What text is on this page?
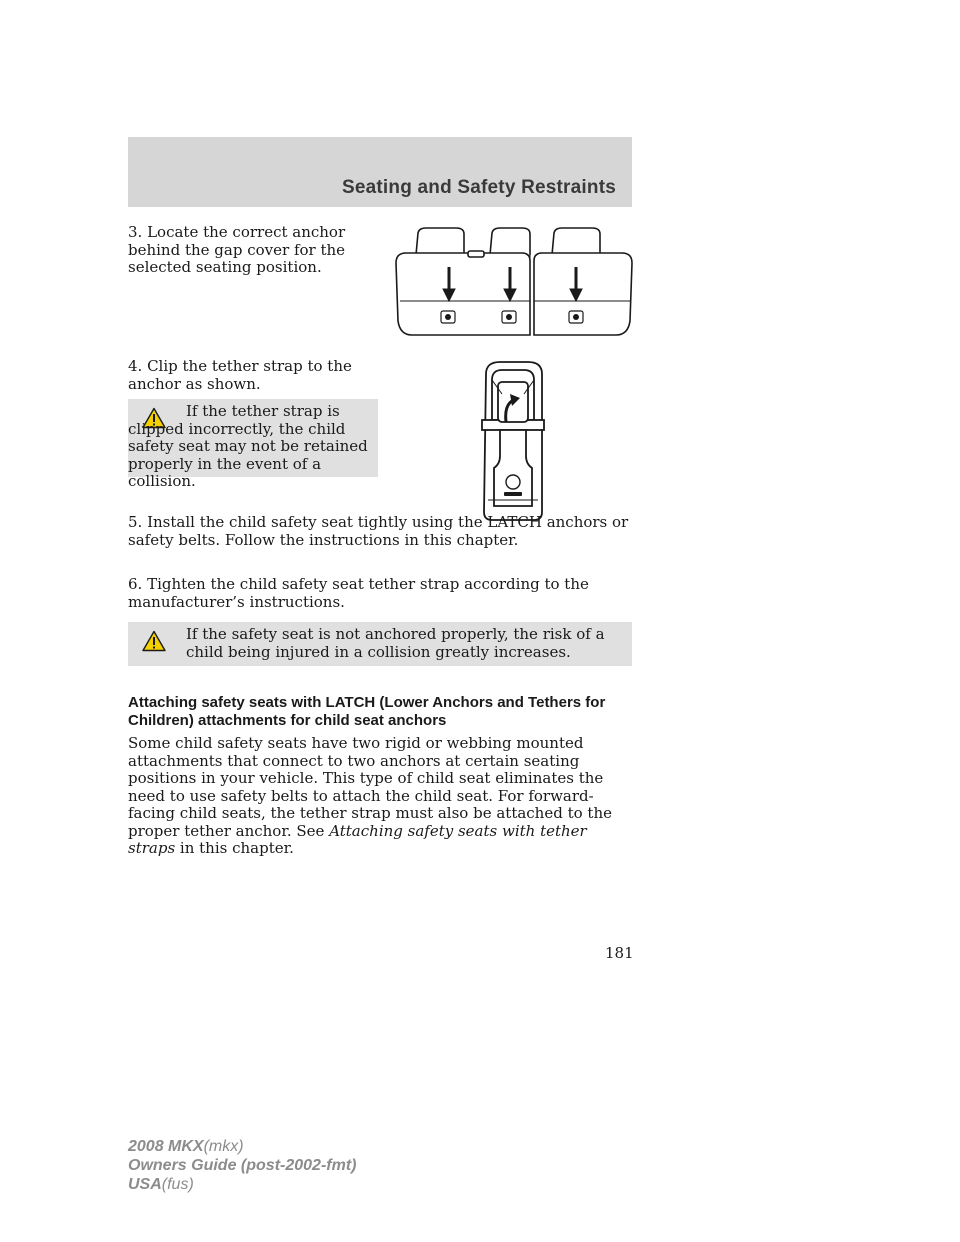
Seating and Safety Restraints

3. Locate the correct anchor behind the gap cover for the selected seating position.

4. Clip the tether strap to the anchor as shown.

If the tether strap is clipped incorrectly, the child safety seat may not be retained properly in the event of a collision.

5. Install the child safety seat tightly using the LATCH anchors or safety belts. Follow the instructions in this chapter.

6. Tighten the child safety seat tether strap according to the manufacturer’s instructions.

If the safety seat is not anchored properly, the risk of a child being injured in a collision greatly increases.

Attaching safety seats with LATCH (Lower Anchors and Tethers for Children) attachments for child seat anchors

Some child safety seats have two rigid or webbing mounted attachments that connect to two anchors at certain seating positions in your vehicle. This type of child seat eliminates the need to use safety belts to attach the child seat. For forward-facing child seats, the tether strap must also be attached to the proper tether anchor. See Attaching safety seats with tether straps in this chapter.

181
2008 MKX(mkx)
Owners Guide (post-2002-fmt)
USA(fus)
